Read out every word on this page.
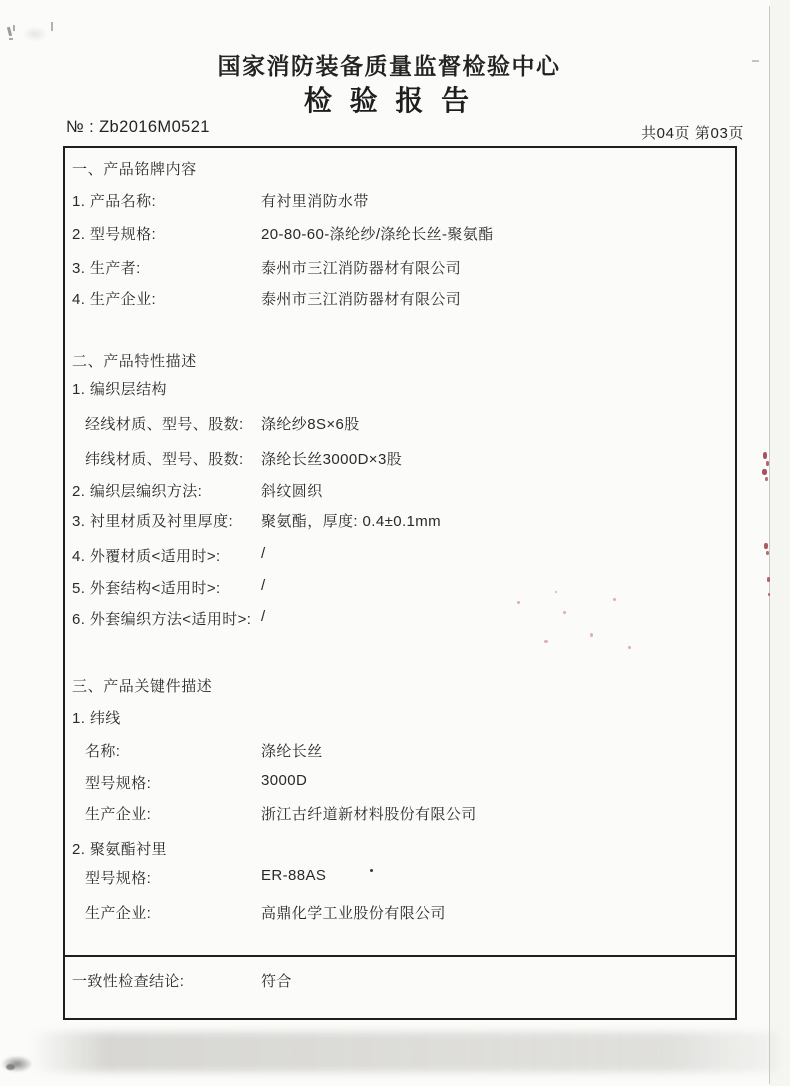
国家消防装备质量监督检验中心
检 验 报 告
№ : Zb2016M0521	共04页 第03页
一、产品铭牌内容
1. 产品名称:	有衬里消防水带
2. 型号规格:	20-80-60-涤纶纱/涤纶长丝-聚氨酯
3. 生产者:	泰州市三江消防器材有限公司
4. 生产企业:	泰州市三江消防器材有限公司
二、产品特性描述
1. 编织层结构
经线材质、型号、股数:	涤纶纱8S×6股
纬线材质、型号、股数:	涤纶长丝3000D×3股
2. 编织层编织方法:	斜纹圆织
3. 衬里材质及衬里厚度:	聚氨酯，厚度: 0.4±0.1mm
4. 外覆材质<适用时>:	/
5. 外套结构<适用时>:	/
6. 外套编织方法<适用时>: /
三、产品关键件描述
1. 纬线
名称:	涤纶长丝
型号规格:	3000D
生产企业:	浙江古纤道新材料股份有限公司
2. 聚氨酯衬里
型号规格:	ER-88AS
生产企业:	高鼎化学工业股份有限公司
一致性检查结论:	符合
